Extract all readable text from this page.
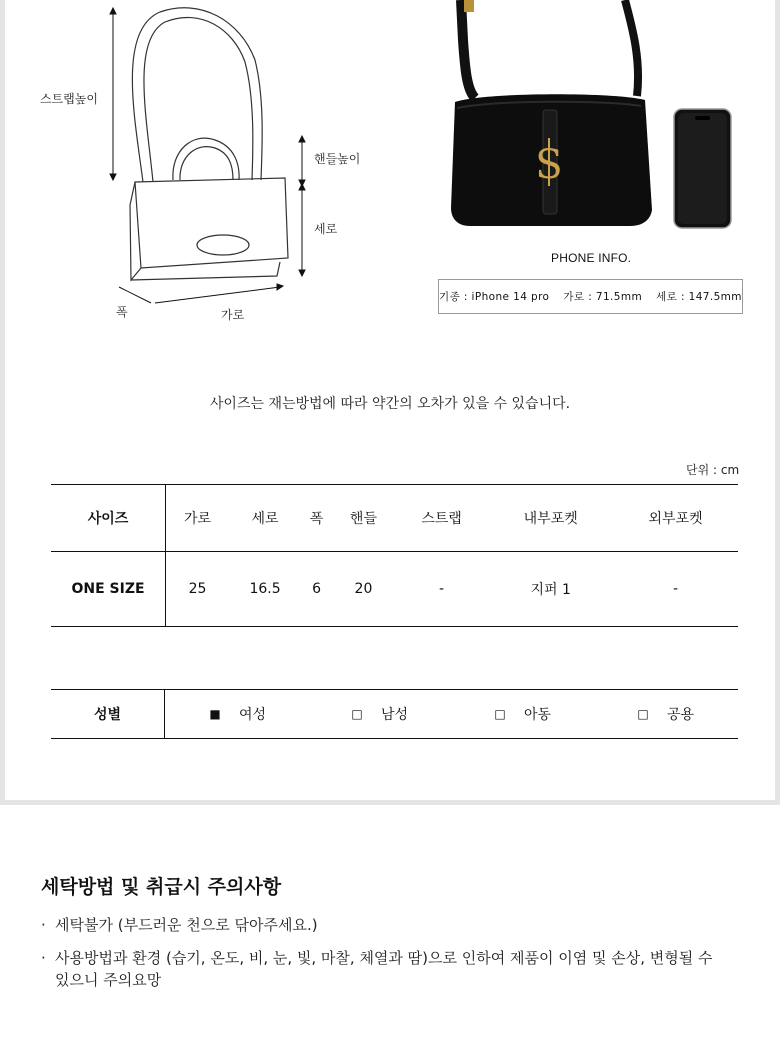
스트랩높이
핸들높이
세로
폭	가로
S
PHONE INFO.
기종 : iPhone 14 pro 가로 : 71.5mm 세로 : 147.5mm
사이즈는 재는방법에 따라 약간의 오차가 있을 수 있습니다.
단위 : cm
사이즈	가로	세로	폭	핸들	스트랩	내부포켓	외부포켓
ONE SIZE	25	16.5	6	20	-	지퍼 1	-
성별	■ 여성	□ 남성	□ 아동	□ 공용
세탁방법 및 취급시 주의사항
· 세탁불가 (부드러운 천으로 닦아주세요.)
· 사용방법과 환경 (습기, 온도, 비, 눈, 빛, 마찰, 체열과 땀)으로 인하여 제품이 이염 및 손상, 변형될 수 있으니 주의요망
